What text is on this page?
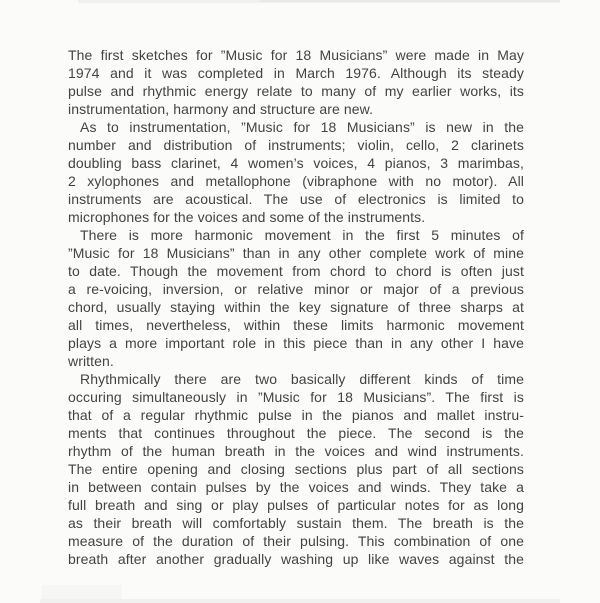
The first sketches for ”Music for 18 Musicians” were made in May
1974 and it was completed in March 1976. Although its steady
pulse and rhythmic energy relate to many of my earlier works, its
instrumentation, harmony and structure are new.
As to instrumentation, ”Music for 18 Musicians” is new in the
number and distribution of instruments; violin, cello, 2 clarinets
doubling bass clarinet, 4 women’s voices, 4 pianos, 3 marimbas,
2 xylophones and metallophone (vibraphone with no motor). All
instruments are acoustical. The use of electronics is limited to
microphones for the voices and some of the instruments.
There is more harmonic movement in the first 5 minutes of
”Music for 18 Musicians” than in any other complete work of mine
to date. Though the movement from chord to chord is often just
a re-voicing, inversion, or relative minor or major of a previous
chord, usually staying within the key signature of three sharps at
all times, nevertheless, within these limits harmonic movement
plays a more important role in this piece than in any other I have
written.
Rhythmically there are two basically different kinds of time
occuring simultaneously in ”Music for 18 Musicians”. The first is
that of a regular rhythmic pulse in the pianos and mallet instru-
ments that continues throughout the piece. The second is the
rhythm of the human breath in the voices and wind instruments.
The entire opening and closing sections plus part of all sections
in between contain pulses by the voices and winds. They take a
full breath and sing or play pulses of particular notes for as long
as their breath will comfortably sustain them. The breath is the
measure of the duration of their pulsing. This combination of one
breath after another gradually washing up like waves against the
